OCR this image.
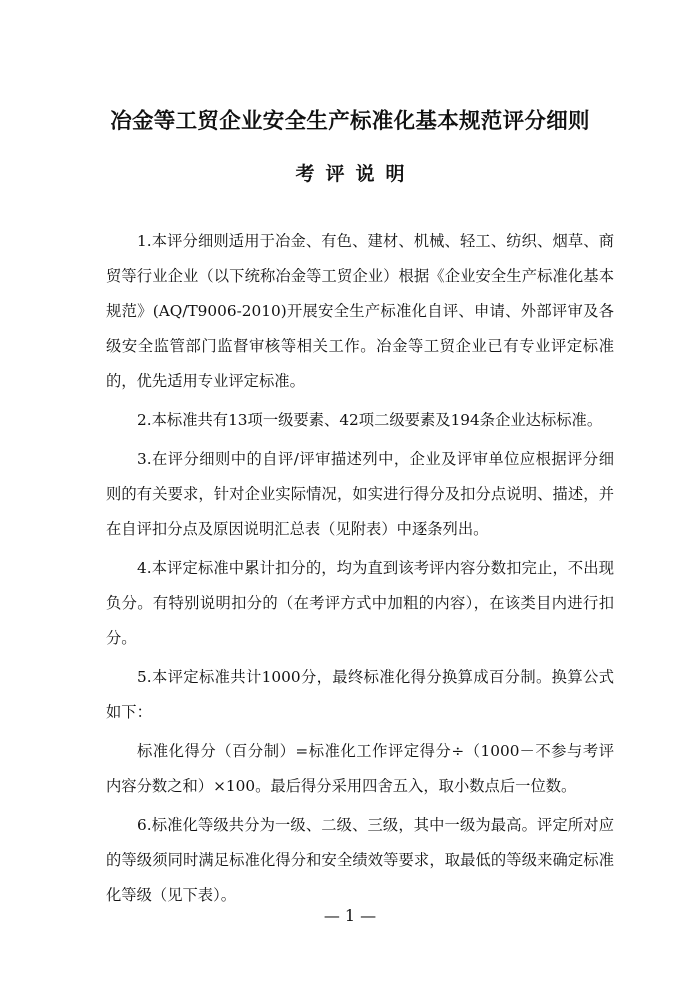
冶金等工贸企业安全生产标准化基本规范评分细则
考评说明

1.本评分细则适用于冶金、有色、建材、机械、轻工、纺织、烟草、商贸等行业企业（以下统称冶金等工贸企业）根据《企业安全生产标准化基本规范》(AQ/T9006-2010)开展安全生产标准化自评、申请、外部评审及各级安全监管部门监督审核等相关工作。冶金等工贸企业已有专业评定标准的，优先适用专业评定标准。

2.本标准共有13项一级要素、42项二级要素及194条企业达标标准。

3.在评分细则中的自评/评审描述列中，企业及评审单位应根据评分细则的有关要求，针对企业实际情况，如实进行得分及扣分点说明、描述，并在自评扣分点及原因说明汇总表（见附表）中逐条列出。

4.本评定标准中累计扣分的，均为直到该考评内容分数扣完止，不出现负分。有特别说明扣分的（在考评方式中加粗的内容），在该类目内进行扣分。

5.本评定标准共计1000分，最终标准化得分换算成百分制。换算公式如下：

标准化得分（百分制）=标准化工作评定得分÷（1000－不参与考评内容分数之和）×100。最后得分采用四舍五入，取小数点后一位数。

6.标准化等级共分为一级、二级、三级，其中一级为最高。评定所对应的等级须同时满足标准化得分和安全绩效等要求，取最低的等级来确定标准化等级（见下表）。

— 1 —
